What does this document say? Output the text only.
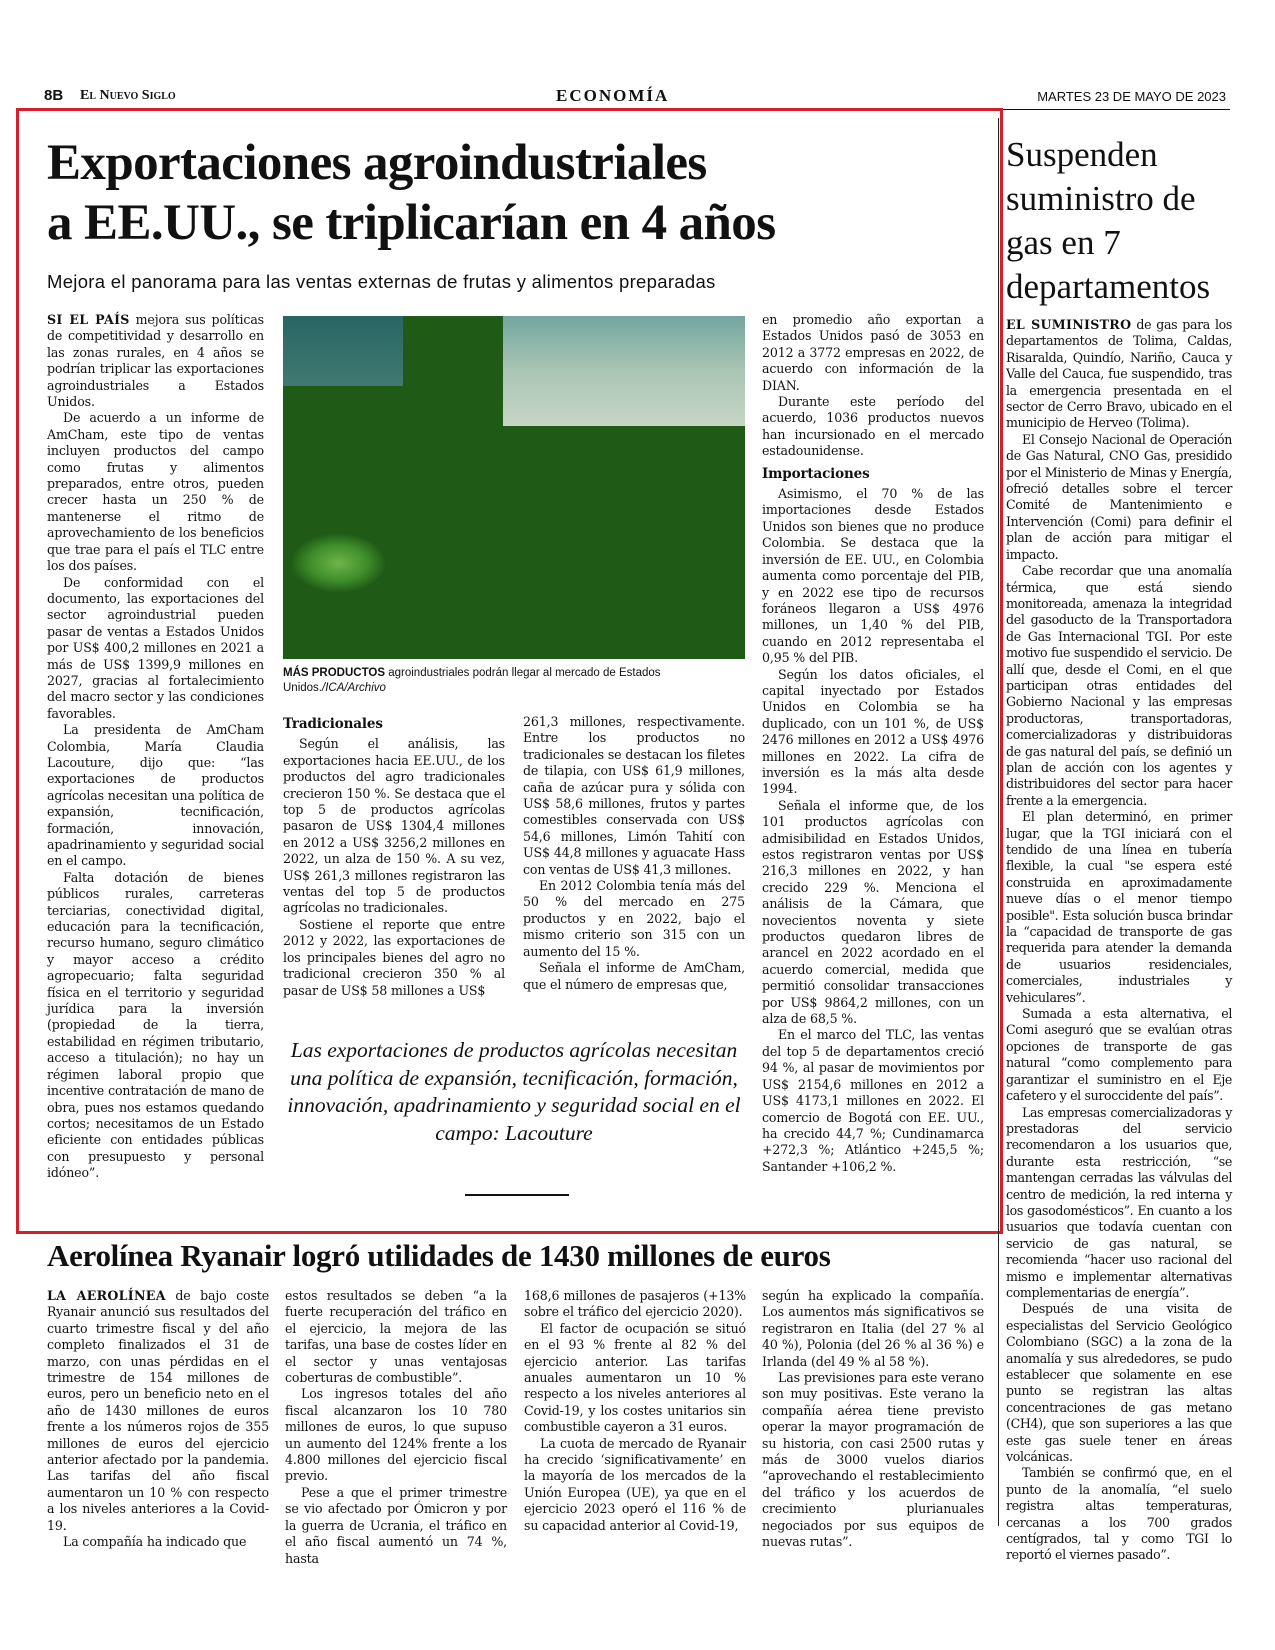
8B El Nuevo Siglo	ECONOMÍA	MARTES 23 DE MAYO DE 2023
Exportaciones agroindustriales
a EE.UU., se triplicarían en 4 años
Mejora el panorama para las ventas externas de frutas y alimentos preparadas

SI EL PAÍS mejora sus políticas de competitividad y desarrollo en las zonas rurales, en 4 años se podrían triplicar las exportaciones agroindustriales a Estados Unidos.

De acuerdo a un informe de AmCham, este tipo de ventas incluyen productos del campo como frutas y alimentos preparados, entre otros, pueden crecer hasta un 250 % de mantenerse el ritmo de aprovechamiento de los beneficios que trae para el país el TLC entre los dos países.

De conformidad con el documento, las exportaciones del sector agroindustrial pueden pasar de ventas a Estados Unidos por US$ 400,2 millones en 2021 a más de US$ 1399,9 millones en 2027, gracias al fortalecimiento del macro sector y las condiciones favorables.

La presidenta de AmCham Colombia, María Claudia Lacouture, dijo que: “las exportaciones de productos agrícolas necesitan una política de expansión, tecnificación, formación, innovación, apadrinamiento y seguridad social en el campo.

Falta dotación de bienes públicos rurales, carreteras terciarias, conectividad digital, educación para la tecnificación, recurso humano, seguro climático y mayor acceso a crédito agropecuario; falta seguridad física en el territorio y seguridad jurídica para la inversión (propiedad de la tierra, estabilidad en régimen tributario, acceso a titulación); no hay un régimen laboral propio que incentive contratación de mano de obra, pues nos estamos quedando cortos; necesitamos de un Estado eficiente con entidades públicas con presupuesto y personal idóneo”.

MÁS PRODUCTOS agroindustriales podrán llegar al mercado de Estados Unidos./ICA/Archivo
Tradicionales

Según el análisis, las exportaciones hacia EE.UU., de los productos del agro tradicionales crecieron 150 %. Se destaca que el top 5 de productos agrícolas pasaron de US$ 1304,4 millones en 2012 a US$ 3256,2 millones en 2022, un alza de 150 %. A su vez, US$ 261,3 millones registraron las ventas del top 5 de productos agrícolas no tradicionales.

Sostiene el reporte que entre 2012 y 2022, las exportaciones de los principales bienes del agro no tradicional crecieron 350 % al pasar de US$ 58 millones a US$

261,3 millones, respectivamente. Entre los productos no tradicionales se destacan los filetes de tilapia, con US$ 61,9 millones, caña de azúcar pura y sólida con US$ 58,6 millones, frutos y partes comestibles conservada con US$ 54,6 millones, Limón Tahití con US$ 44,8 millones y aguacate Hass con ventas de US$ 41,3 millones.

En 2012 Colombia tenía más del 50 % del mercado en 275 productos y en 2022, bajo el mismo criterio son 315 con un aumento del 15 %.

Señala el informe de AmCham, que el número de empresas que,

en promedio año exportan a Estados Unidos pasó de 3053 en 2012 a 3772 empresas en 2022, de acuerdo con información de la DIAN.

Durante este período del acuerdo, 1036 productos nuevos han incursionado en el mercado estadounidense.

Importaciones

Asimismo, el 70 % de las importaciones desde Estados Unidos son bienes que no produce Colombia. Se destaca que la inversión de EE. UU., en Colombia aumenta como porcentaje del PIB, y en 2022 ese tipo de recursos foráneos llegaron a US$ 4976 millones, un 1,40 % del PIB, cuando en 2012 representaba el 0,95 % del PIB.

Según los datos oficiales, el capital inyectado por Estados Unidos en Colombia se ha duplicado, con un 101 %, de US$ 2476 millones en 2012 a US$ 4976 millones en 2022. La cifra de inversión es la más alta desde 1994.

Señala el informe que, de los 101 productos agrícolas con admisibilidad en Estados Unidos, estos registraron ventas por US$ 216,3 millones en 2022, y han crecido 229 %. Menciona el análisis de la Cámara, que novecientos noventa y siete productos quedaron libres de arancel en 2022 acordado en el acuerdo comercial, medida que permitió consolidar transacciones por US$ 9864,2 millones, con un alza de 68,5 %.

En el marco del TLC, las ventas del top 5 de departamentos creció 94 %, al pasar de movimientos por US$ 2154,6 millones en 2012 a US$ 4173,1 millones en 2022. El comercio de Bogotá con EE. UU., ha crecido 44,7 %; Cundinamarca +272,3 %; Atlántico +245,5 %; Santander +106,2 %.

Las exportaciones de productos agrícolas necesitan una política de expansión, tecnificación, formación, innovación, apadrinamiento y seguridad social en el campo: Lacouture
Suspenden suministro de gas en 7 departamentos

EL SUMINISTRO de gas para los departamentos de Tolima, Caldas, Risaralda, Quindío, Nariño, Cauca y Valle del Cauca, fue suspendido, tras la emergencia presentada en el sector de Cerro Bravo, ubicado en el municipio de Herveo (Tolima).

El Consejo Nacional de Operación de Gas Natural, CNO Gas, presidido por el Ministerio de Minas y Energía, ofreció detalles sobre el tercer Comité de Mantenimiento e Intervención (Comi) para definir el plan de acción para mitigar el impacto.

Cabe recordar que una anomalía térmica, que está siendo monitoreada, amenaza la integridad del gasoducto de la Transportadora de Gas Internacional TGI. Por este motivo fue suspendido el servicio. De allí que, desde el Comi, en el que participan otras entidades del Gobierno Nacional y las empresas productoras, transportadoras, comercializadoras y distribuidoras de gas natural del país, se definió un plan de acción con los agentes y distribuidores del sector para hacer frente a la emergencia.

El plan determinó, en primer lugar, que la TGI iniciará con el tendido de una línea en tubería flexible, la cual "se espera esté construida en aproximadamente nueve días o el menor tiempo posible". Esta solución busca brindar la “capacidad de transporte de gas requerida para atender la demanda de usuarios residenciales, comerciales, industriales y vehiculares”.

Sumada a esta alternativa, el Comi aseguró que se evalúan otras opciones de transporte de gas natural “como complemento para garantizar el suministro en el Eje cafetero y el suroccidente del país”.

Las empresas comercializadoras y prestadoras del servicio recomendaron a los usuarios que, durante esta restricción, “se mantengan cerradas las válvulas del centro de medición, la red interna y los gasodomésticos”. En cuanto a los usuarios que todavía cuentan con servicio de gas natural, se recomienda “hacer uso racional del mismo e implementar alternativas complementarias de energía”.

Después de una visita de especialistas del Servicio Geológico Colombiano (SGC) a la zona de la anomalía y sus alrededores, se pudo establecer que solamente en ese punto se registran las altas concentraciones de gas metano (CH4), que son superiores a las que este gas suele tener en áreas volcánicas.

También se confirmó que, en el punto de la anomalía, “el suelo registra altas temperaturas, cercanas a los 700 grados centígrados, tal y como TGI lo reportó el viernes pasado”.

Aerolínea Ryanair logró utilidades de 1430 millones de euros

LA AEROLÍNEA de bajo coste Ryanair anunció sus resultados del cuarto trimestre fiscal y del año completo finalizados el 31 de marzo, con unas pérdidas en el trimestre de 154 millones de euros, pero un beneficio neto en el año de 1430 millones de euros frente a los números rojos de 355 millones de euros del ejercicio anterior afectado por la pandemia. Las tarifas del año fiscal aumentaron un 10 % con respecto a los niveles anteriores a la Covid-19.

La compañía ha indicado que

estos resultados se deben “a la fuerte recuperación del tráfico en el ejercicio, la mejora de las tarifas, una base de costes líder en el sector y unas ventajosas coberturas de combustible”.

Los ingresos totales del año fiscal alcanzaron los 10 780 millones de euros, lo que supuso un aumento del 124% frente a los 4.800 millones del ejercicio fiscal previo.

Pese a que el primer trimestre se vio afectado por Ómicron y por la guerra de Ucrania, el tráfico en el año fiscal aumentó un 74 %, hasta

168,6 millones de pasajeros (+13% sobre el tráfico del ejercicio 2020).

El factor de ocupación se situó en el 93 % frente al 82 % del ejercicio anterior. Las tarifas anuales aumentaron un 10 % respecto a los niveles anteriores al Covid-19, y los costes unitarios sin combustible cayeron a 31 euros.

La cuota de mercado de Ryanair ha crecido ‘significativamente’ en la mayoría de los mercados de la Unión Europea (UE), ya que en el ejercicio 2023 operó el 116 % de su capacidad anterior al Covid-19,

según ha explicado la compañía. Los aumentos más significativos se registraron en Italia (del 27 % al 40 %), Polonia (del 26 % al 36 %) e Irlanda (del 49 % al 58 %).

Las previsiones para este verano son muy positivas. Este verano la compañía aérea tiene previsto operar la mayor programación de su historia, con casi 2500 rutas y más de 3000 vuelos diarios “aprovechando el restablecimiento del tráfico y los acuerdos de crecimiento plurianuales negociados por sus equipos de nuevas rutas”.
